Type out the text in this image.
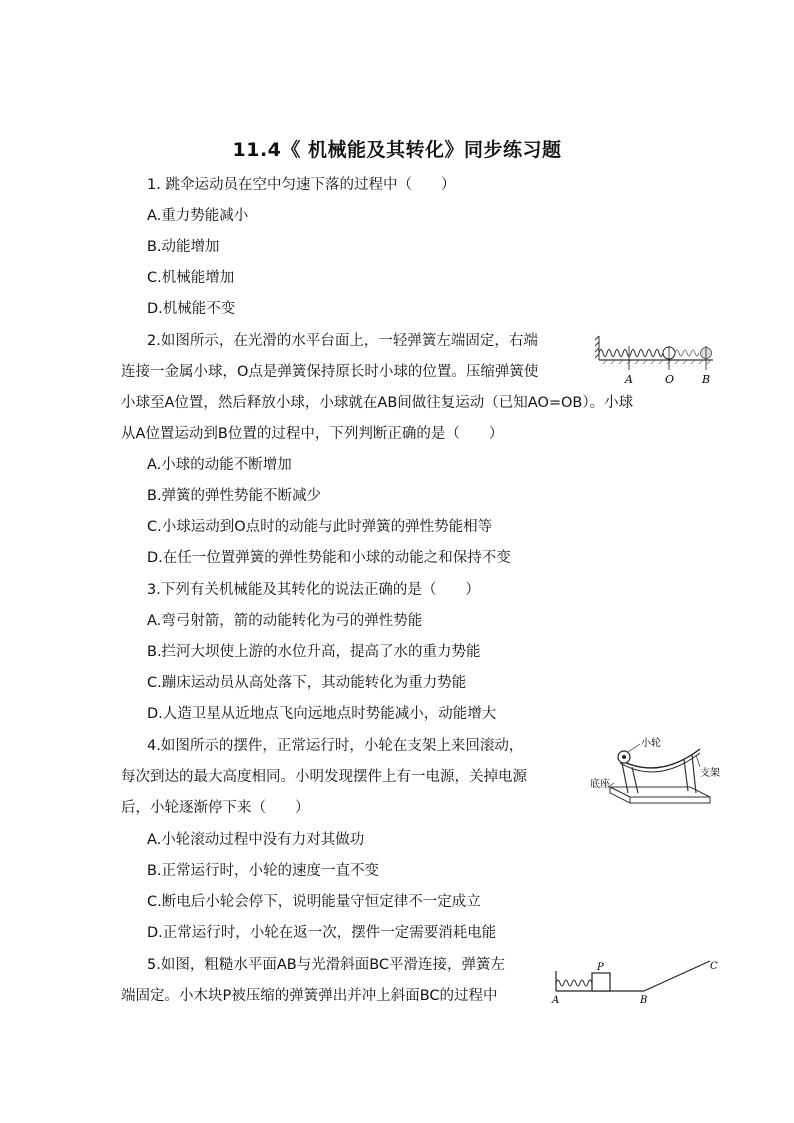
11.4《 机械能及其转化》同步练习题
1. 跳伞运动员在空中匀速下落的过程中（　　）
A.重力势能减小
B.动能增加
C.机械能增加
D.机械能不变
2.如图所示，在光滑的水平台面上，一轻弹簧左端固定，右端
连接一金属小球，O点是弹簧保持原长时小球的位置。压缩弹簧使
小球至A位置，然后释放小球，小球就在AB间做往复运动（已知AO=OB）。小球
从A位置运动到B位置的过程中，下列判断正确的是（　　）
A.小球的动能不断增加
B.弹簧的弹性势能不断减少
C.小球运动到O点时的动能与此时弹簧的弹性势能相等
D.在任一位置弹簧的弹性势能和小球的动能之和保持不变
A	O	B
3.下列有关机械能及其转化的说法正确的是（　　）
A.弯弓射箭，箭的动能转化为弓的弹性势能
B.拦河大坝使上游的水位升高，提高了水的重力势能
C.蹦床运动员从高处落下，其动能转化为重力势能
D.人造卫星从近地点飞向远地点时势能减小，动能增大
4.如图所示的摆件，正常运行时，小轮在支架上来回滚动，
每次到达的最大高度相同。小明发现摆件上有一电源，关掉电源
后，小轮逐渐停下来（　　）
A.小轮滚动过程中没有力对其做功
B.正常运行时，小轮的速度一直不变
C.断电后小轮会停下，说明能量守恒定律不一定成立
D.正常运行时，小轮在返一次，摆件一定需要消耗电能
小轮
支架
底座
5.如图，粗糙水平面AB与光滑斜面BC平滑连接，弹簧左
端固定。小木块P被压缩的弹簧弹出并冲上斜面BC的过程中
P
A	B
C
